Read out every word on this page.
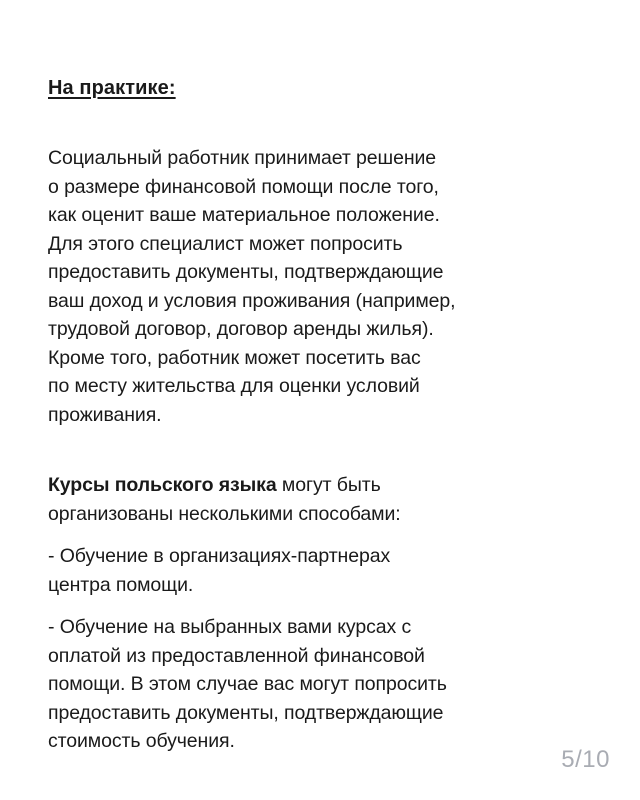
На практике:

Социальный работник принимает решение
о размере финансовой помощи после того,
как оценит ваше материальное положение.
Для этого специалист может попросить
предоставить документы, подтверждающие
ваш доход и условия проживания (например,
трудовой договор, договор аренды жилья).
Кроме того, работник может посетить вас
по месту жительства для оценки условий
проживания.

Курсы польского языка могут быть
организованы несколькими способами:

- Обучение в организациях-партнерах
центра помощи.

- Обучение на выбранных вами курсах с
оплатой из предоставленной финансовой
помощи. В этом случае вас могут попросить
предоставить документы, подтверждающие
стоимость обучения.

5/10
